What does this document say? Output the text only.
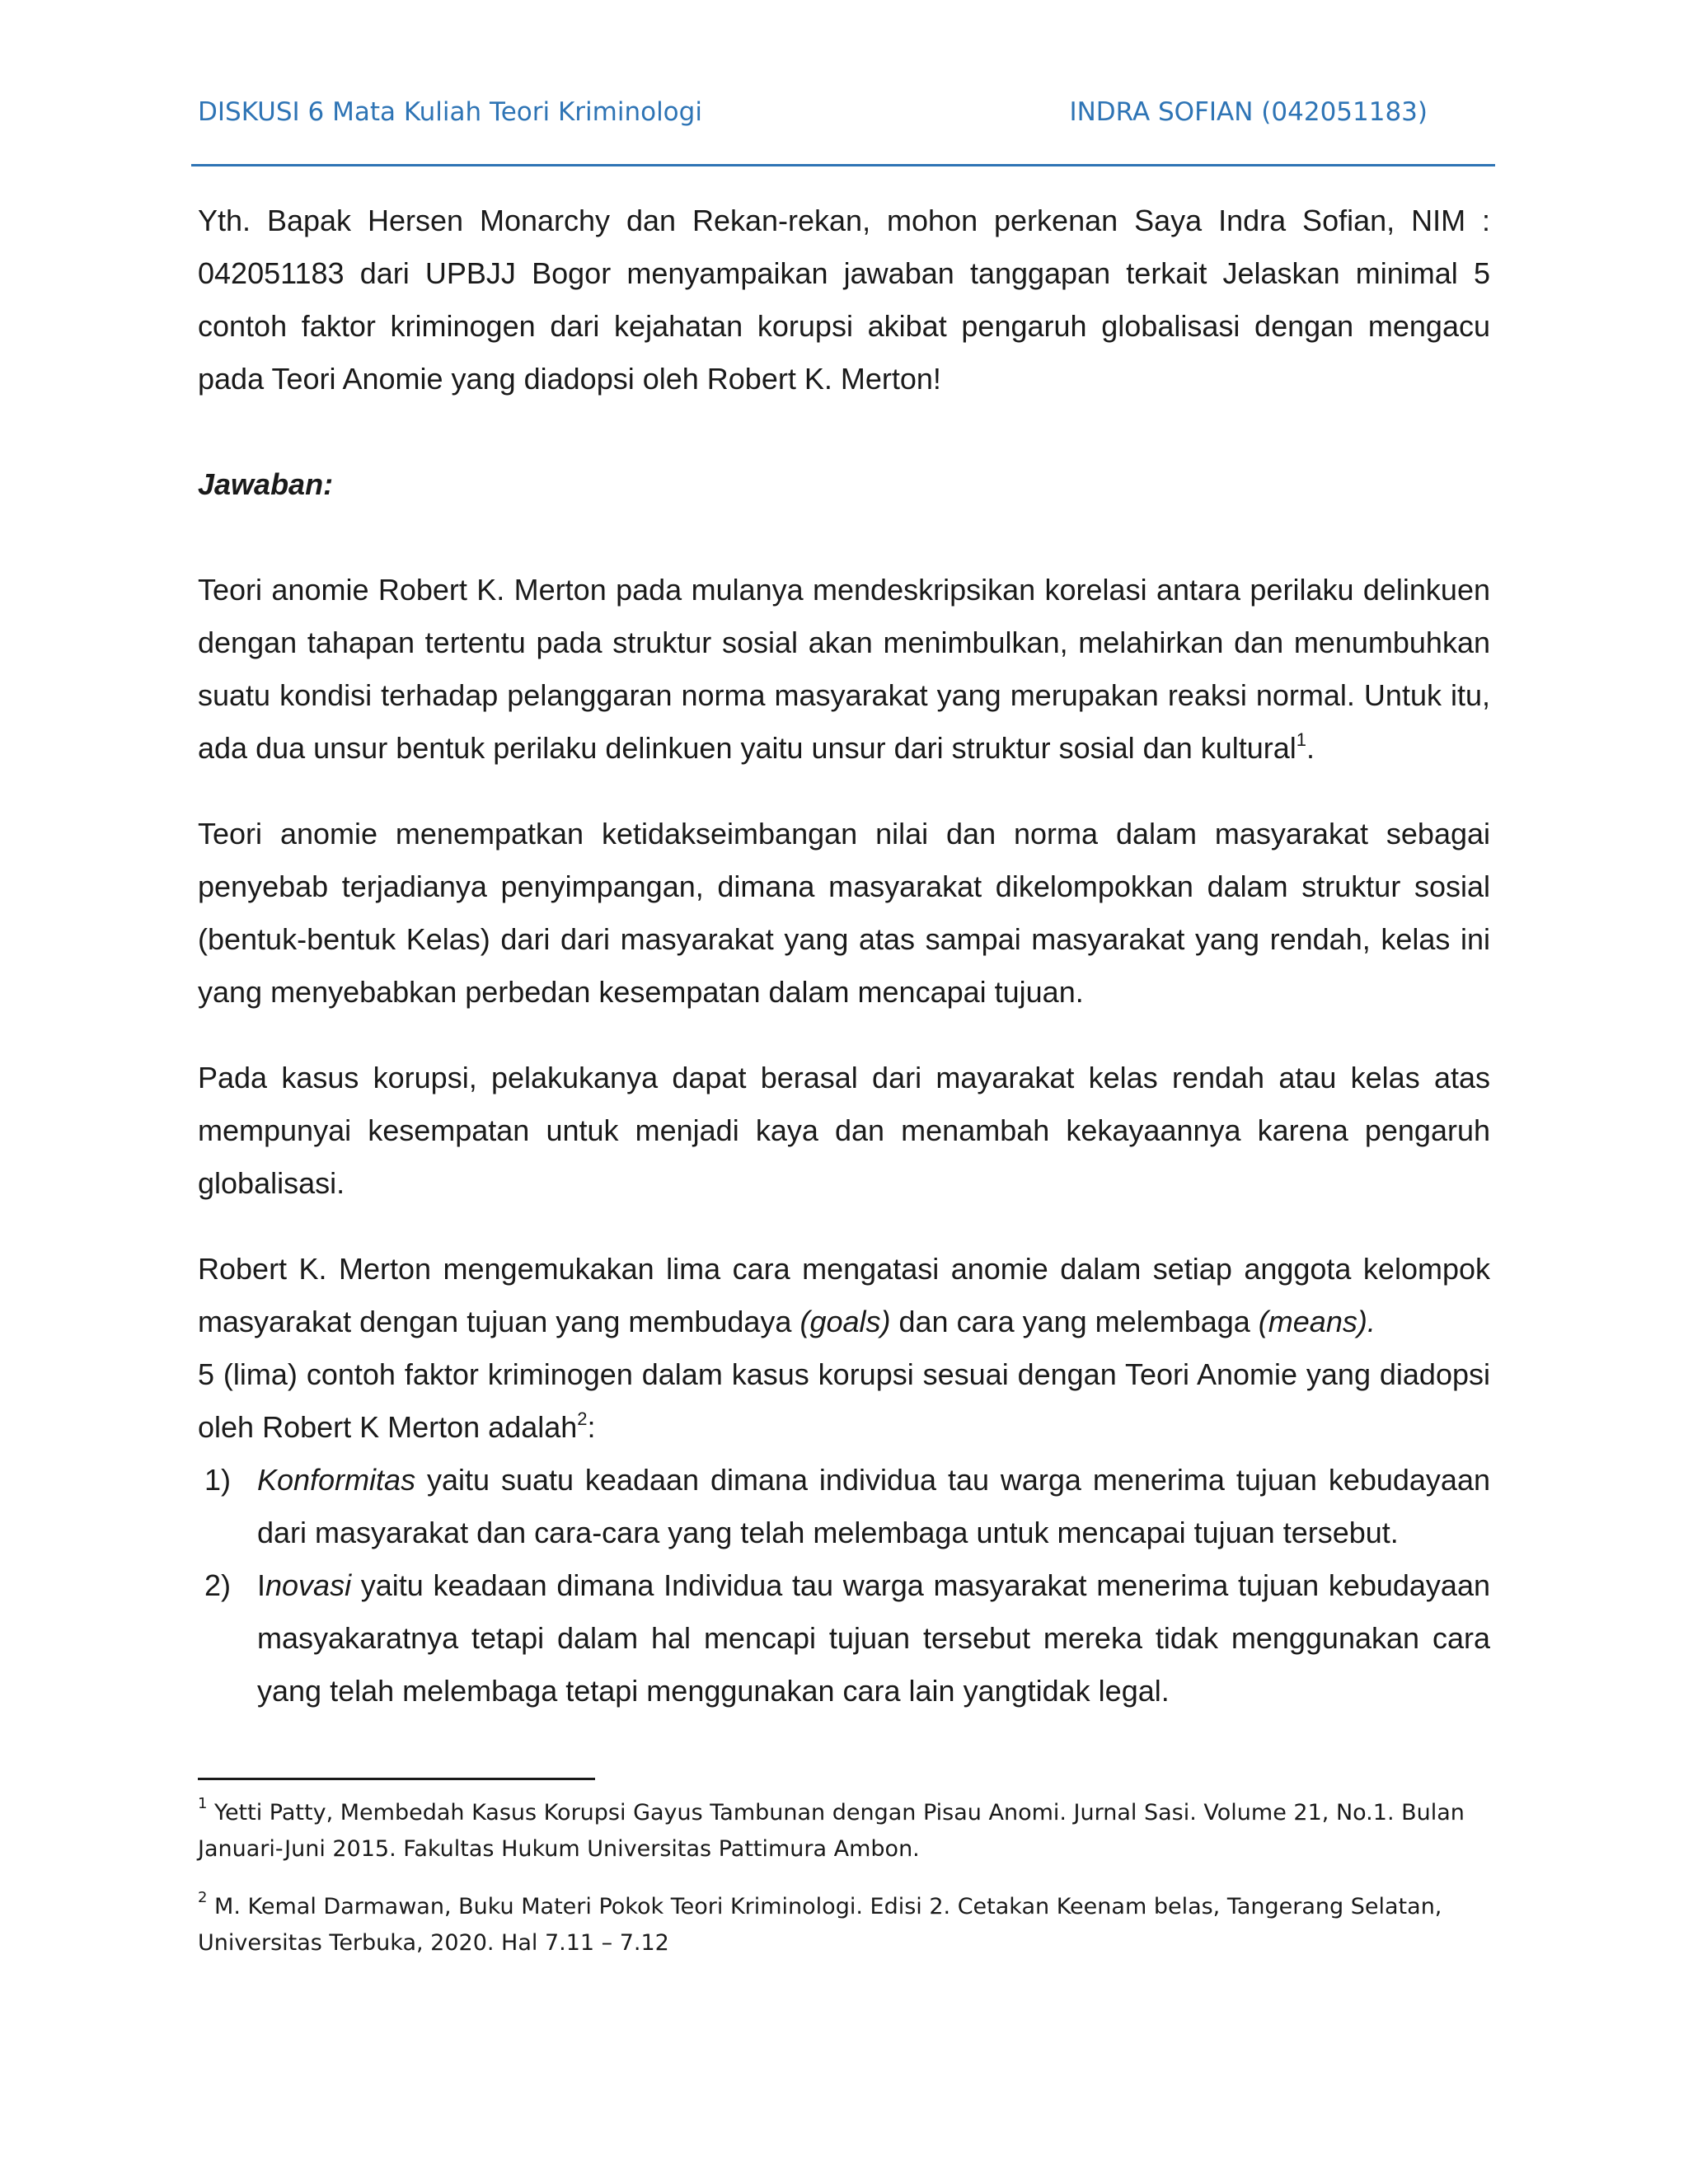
DISKUSI 6 Mata Kuliah Teori Kriminologi	INDRA SOFIAN (042051183)

Yth. Bapak Hersen Monarchy dan Rekan-rekan, mohon perkenan Saya Indra Sofian, NIM : 042051183 dari UPBJJ Bogor menyampaikan jawaban tanggapan terkait Jelaskan minimal 5 contoh faktor kriminogen dari kejahatan korupsi akibat pengaruh globalisasi dengan mengacu pada Teori Anomie yang diadopsi oleh Robert K. Merton!

Jawaban:

Teori anomie Robert K. Merton pada mulanya mendeskripsikan korelasi antara perilaku delinkuen dengan tahapan tertentu pada struktur sosial akan menimbulkan, melahirkan dan menumbuhkan suatu kondisi terhadap pelanggaran norma masyarakat yang merupakan reaksi normal. Untuk itu, ada dua unsur bentuk perilaku delinkuen yaitu unsur dari struktur sosial dan kultural$^1$.

Teori anomie menempatkan ketidakseimbangan nilai dan norma dalam masyarakat sebagai penyebab terjadianya penyimpangan, dimana masyarakat dikelompokkan dalam struktur sosial (bentuk-bentuk Kelas) dari dari masyarakat yang atas sampai masyarakat yang rendah, kelas ini yang menyebabkan perbedan kesempatan dalam mencapai tujuan.

Pada kasus korupsi, pelakukanya dapat berasal dari mayarakat kelas rendah atau kelas atas mempunyai kesempatan untuk menjadi kaya dan menambah kekayaannya karena pengaruh globalisasi.

Robert K. Merton mengemukakan lima cara mengatasi anomie dalam setiap anggota kelompok masyarakat dengan tujuan yang membudaya (goals) dan cara yang melembaga (means).

5 (lima) contoh faktor kriminogen dalam kasus korupsi sesuai dengan Teori Anomie yang diadopsi oleh Robert K Merton adalah$^2$:

1) Konformitas yaitu suatu keadaan dimana individua tau warga menerima tujuan kebudayaan dari masyarakat dan cara-cara yang telah melembaga untuk mencapai tujuan tersebut.
2) Inovasi yaitu keadaan dimana Individua tau warga masyarakat menerima tujuan kebudayaan masyakaratnya tetapi dalam hal mencapi tujuan tersebut mereka tidak menggunakan cara yang telah melembaga tetapi menggunakan cara lain yangtidak legal.

$^1$ Yetti Patty, Membedah Kasus Korupsi Gayus Tambunan dengan Pisau Anomi. Jurnal Sasi. Volume 21, No.1. Bulan Januari-Juni 2015. Fakultas Hukum Universitas Pattimura Ambon.

$^2$ M. Kemal Darmawan, Buku Materi Pokok Teori Kriminologi. Edisi 2. Cetakan Keenam belas, Tangerang Selatan, Universitas Terbuka, 2020. Hal 7.11 – 7.12
